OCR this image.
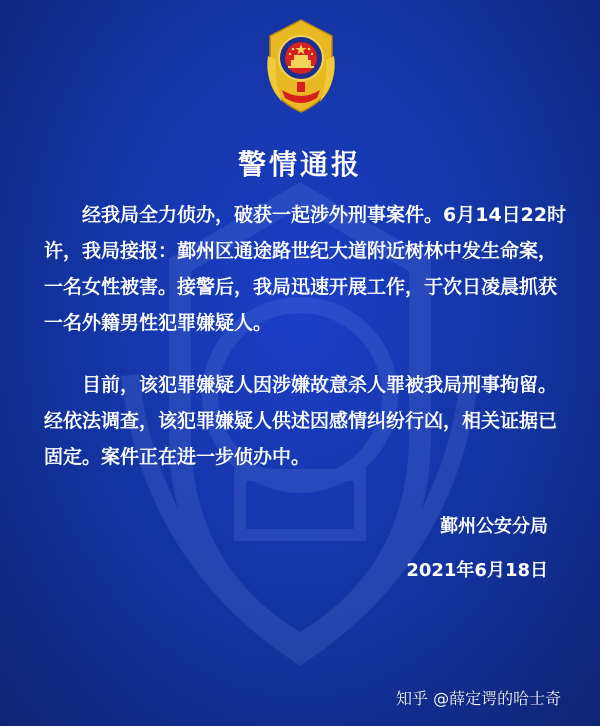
警情通报

　　经我局全力侦办，破获一起涉外刑事案件。6月14日22时
许，我局接报：鄞州区通途路世纪大道附近树林中发生命案，
一名女性被害。接警后，我局迅速开展工作，于次日凌晨抓获
一名外籍男性犯罪嫌疑人。

　　目前，该犯罪嫌疑人因涉嫌故意杀人罪被我局刑事拘留。
经依法调查，该犯罪嫌疑人供述因感情纠纷行凶，相关证据已
固定。案件正在进一步侦办中。

鄞州公安分局
2021年6月18日
知乎 @薛定谔的哈士奇
